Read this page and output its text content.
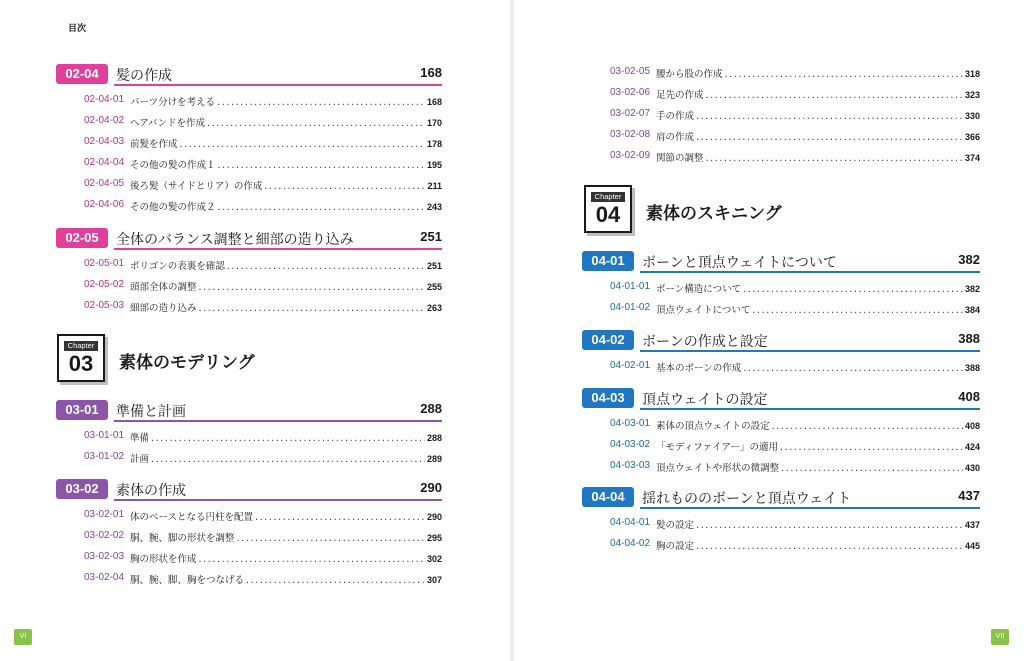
目次
02-04	髪の作成	168
02-04-01 パーツ分けを考える .....	168
02-04-02 ヘアバンドを作成 .....	170
02-04-03 前髪を作成 .....	178
02-04-04 その他の髪の作成１ .....	195
02-04-05 後ろ髪（サイドとリア）の作成 .....	211
02-04-06 その他の髪の作成２ .....	243
02-05	全体のバランス調整と細部の造り込み	251
02-05-01 ポリゴンの表裏を確認 .....	251
02-05-02 頭部全体の調整 .....	255
02-05-03 細部の造り込み .....	263
Chapter
03	素体のモデリング
03-01	準備と計画	288
03-01-01 準備 .....	288
03-01-02 計画 .....	289
03-02	素体の作成	290
03-02-01 体のベースとなる円柱を配置 .....	290
03-02-02 胴、腕、脚の形状を調整 .....	295
03-02-03 胸の形状を作成 .....	302
03-02-04 胴、腕、脚、胸をつなげる .....	307
VI
03-02-05 腰から股の作成 .....	318
03-02-06 足先の作成 .....	323
03-02-07 手の作成 .....	330
03-02-08 肩の作成 .....	366
03-02-09 関節の調整 .....	374
Chapter
04	素体のスキニング
04-01	ボーンと頂点ウェイトについて	382
04-01-01 ボーン構造について .....	382
04-01-02 頂点ウェイトについて .....	384
04-02	ボーンの作成と設定	388
04-02-01 基本のボーンの作成 .....	388
04-03	頂点ウェイトの設定	408
04-03-01 素体の頂点ウェイトの設定 .....	408
04-03-02 「モディファイアー」の適用 .....	424
04-03-03 頂点ウェイトや形状の微調整 .....	430
04-04	揺れもののボーンと頂点ウェイト	437
04-04-01 髪の設定 .....	437
04-04-02 胸の設定 .....	445
VII
